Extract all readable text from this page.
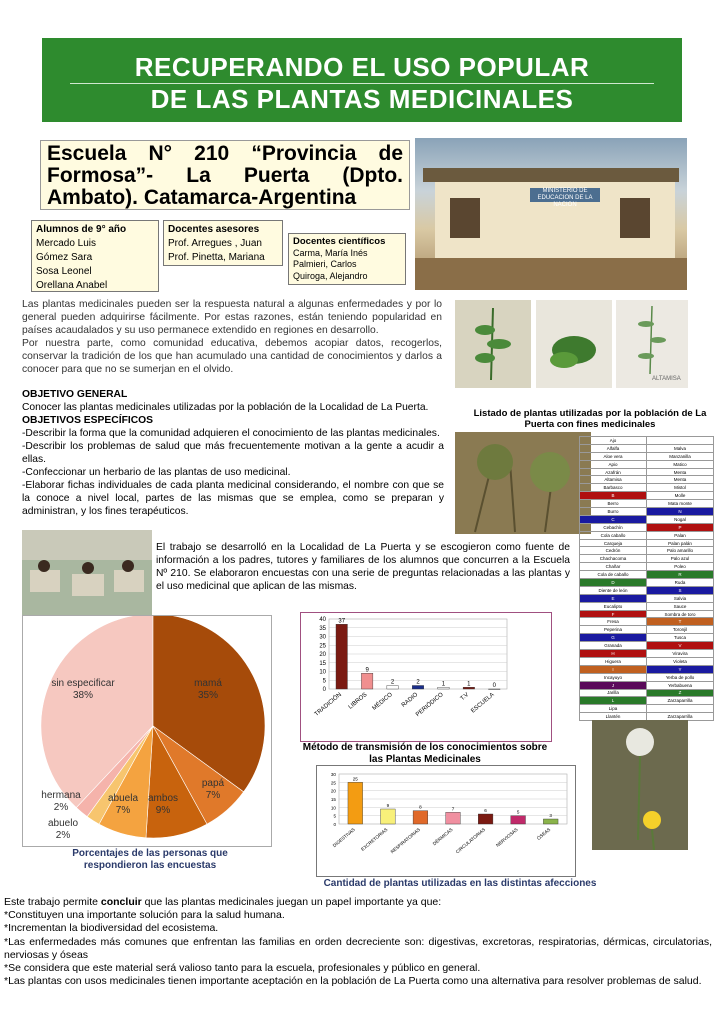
RECUPERANDO EL USO POPULAR
DE LAS PLANTAS MEDICINALES
Escuela N° 210 “Provincia de Formosa”- La Puerta (Dpto. Ambato). Catamarca-Argentina
Alumnos de 9° año
Mercado Luis
Gómez Sara
Sosa Leonel
Orellana Anabel
Docentes asesores
Prof. Arregues , Juan
Prof. Pinetta, Mariana
Docentes científicos
Carma, María Inés
Palmieri, Carlos
Quiroga, Alejandro
MINISTERIO DE EDUCACION DE LA NACION
Las plantas medicinales pueden ser la respuesta natural a algunas enfermedades y por lo general pueden adquirirse fácilmente. Por estas razones, están teniendo popularidad en países acaudalados y su uso permanece extendido en regiones en desarrollo.
Por nuestra parte, como comunidad educativa, debemos acopiar datos, recogerlos, conservar la tradición de los que han acumulado una cantidad de conocimientos y darlos a conocer para que no se sumerjan en el olvido.
ALTAMISA
OBJETIVO GENERAL
Conocer las plantas medicinales utilizadas por la población de la Localidad de La Puerta.
OBJETIVOS ESPECÍFICOS
-Describir la forma que la comunidad adquieren el conocimiento de las plantas medicinales.
-Describir los problemas de salud que más frecuentemente motivan a la gente a acudir a ellas.
-Confeccionar un herbario de las plantas de uso medicinal.
-Elaborar fichas individuales de cada planta medicinal considerando, el nombre con que se la conoce a nivel local, partes de las mismas que se emplea, como se preparan y administran, y los fines terapéuticos.
Listado de plantas utilizadas por la población de La Puerta con fines medicinales
Ajo	
Alfalfa	Malva
Aloe vera	Manzanilla
Apio	Matico
Azafrán	Menta
Altamisa	Menta
Barbasco	Mistol
B	Molle
Berro	Mata monte
Burro	N
C	Nogal
Cebachín	P
Cola caballo	Palan
Carqueja	Palan palán
Cedrón	Palo amarillo
Chachacoma	Palo azul
Chañar	Poleo
Cola de caballo	R
D	Ruda
Diente de león	S
E	Salvia
Eucalipto	Sauce
F	Sombra de toro
Fresa	T
Peperina	Toronjil
G	Tusca
Granada	V
H	Viravira
Higuera	Violeta
I	Y
Incayuyo	Yerba de pollo
J	Yerbabuena
Jarilla	Z
L	Zarzaparrilla
Lipa	
Llantén	Zarzaparrilla
El trabajo se desarrolló en la Localidad de La Puerta y se escogieron como fuente de información a los padres, tutores y familiares de los alumnos que concurren a la Escuela Nº 210. Se elaboraron encuestas con una serie de preguntas relacionadas a las plantas y el uso medicinal que aplican de las mismas.
sin especificar
38%
mamá
35%
papá
7%
ambos
9%
abuela
7%
abuelo
2%
hermana
2%
Porcentajes de las personas que respondieron las encuestas
0
5
10
15
20
25
30
35
40 37
TRADICIÓN
9
LIBROS
2
MÉDICO
2
RADIO
1
PERIÓDICO
1
T.V
0
ESCUELA
Método de transmisión de los conocimientos sobre las Plantas Medicinales
0
5
10
15
20
25
30
25
DIGESTIVAS
9
EXCRETORIAS
8
RESPIRATORIAS
7
DÉRMICAS
6
CIRCULATORIAS
5
NERVIOSAS
3
ÓSEAS
Cantidad de plantas utilizadas en las distintas afecciones
Este trabajo permite concluir que las plantas medicinales juegan un papel importante ya que:
*Constituyen una importante solución para la salud humana.
*Incrementan la biodiversidad del ecosistema.
*Las enfermedades más comunes que enfrentan las familias en orden decreciente son: digestivas, excretoras, respiratorias, dérmicas, circulatorias, nerviosas y óseas
*Se considera que este material será valioso tanto para la escuela, profesionales y público en general.
*Las plantas con usos medicinales tienen importante aceptación en la población de La Puerta como una alternativa para resolver problemas de salud.
